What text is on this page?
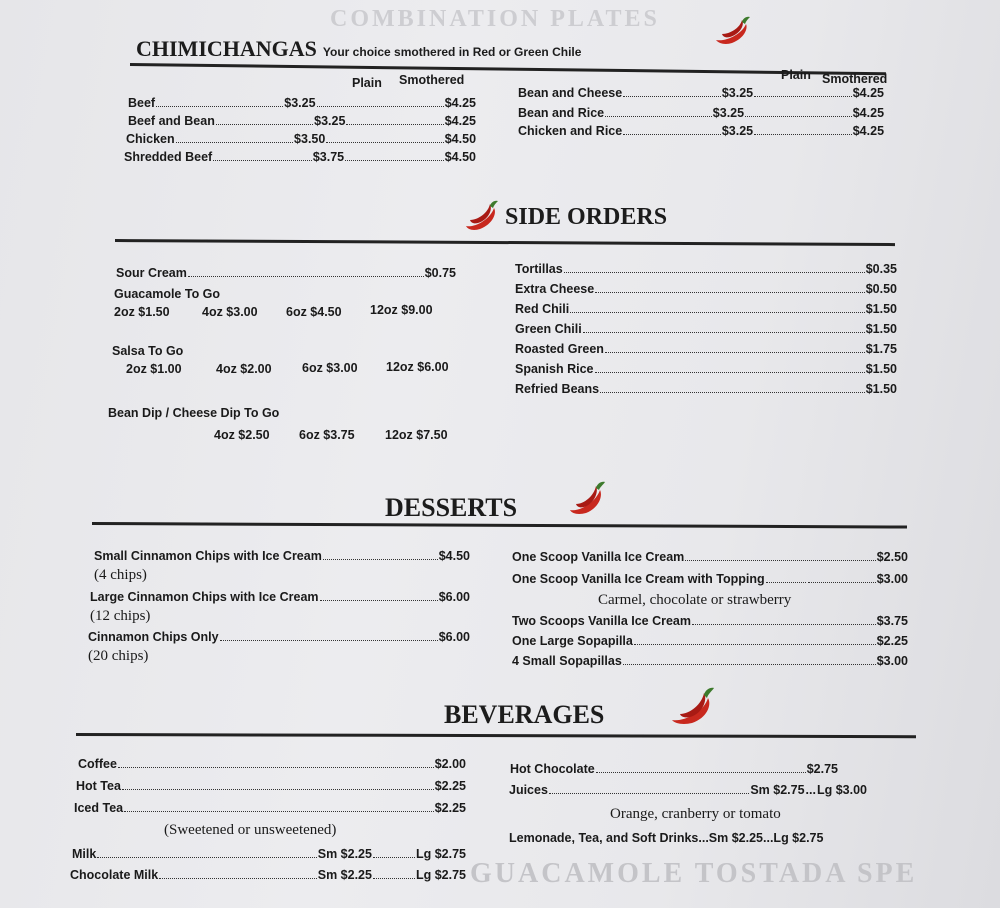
COMBINATION PLATES
GUACAMOLE TOSTADA SPE
CHIMICHANGAS Your choice smothered in Red or Green Chile
Plain Smothered	Plain Smothered
Beef	$3.25	$4.25
Beef and Bean	$3.25	$4.25
Chicken	$3.50	$4.50
Shredded Beef	$3.75	$4.50
Bean and Cheese	$3.25	$4.25
Bean and Rice	$3.25	$4.25
Chicken and Rice	$3.25	$4.25
SIDE ORDERS
Sour Cream	$0.75
Guacamole To Go
2oz $1.50	4oz $3.00 6oz $4.50 12oz $9.00
Salsa To Go
2oz $1.00	4oz $2.00 6oz $3.00 12oz $6.00
Bean Dip / Cheese Dip To Go
4oz $2.50 6oz $3.75 12oz $7.50
Tortillas	$0.35
Extra Cheese	$0.50
Red Chili	$1.50
Green Chili	$1.50
Roasted Green	$1.75
Spanish Rice	$1.50
Refried Beans	$1.50
DESSERTS
Small Cinnamon Chips with Ice Cream	$4.50
(4 chips)
Large Cinnamon Chips with Ice Cream	$6.00
(12 chips)
Cinnamon Chips Only	$6.00
(20 chips)
One Scoop Vanilla Ice Cream	$2.50
One Scoop Vanilla Ice Cream with Topping	$3.00
Carmel, chocolate or strawberry
Two Scoops Vanilla Ice Cream	$3.75
One Large Sopapilla	$2.25
4 Small Sopapillas	$3.00
BEVERAGES
Coffee	$2.00
Hot Tea	$2.25
Iced Tea	$2.25
(Sweetened or unsweetened)
Milk	Sm $2.25	Lg $2.75
Chocolate Milk	Sm $2.25	Lg $2.75
Hot Chocolate	$2.75
Juices	Sm $2.75 ... Lg $3.00
Orange, cranberry or tomato
Lemonade, Tea, and Soft Drinks...Sm $2.25...Lg $2.75
